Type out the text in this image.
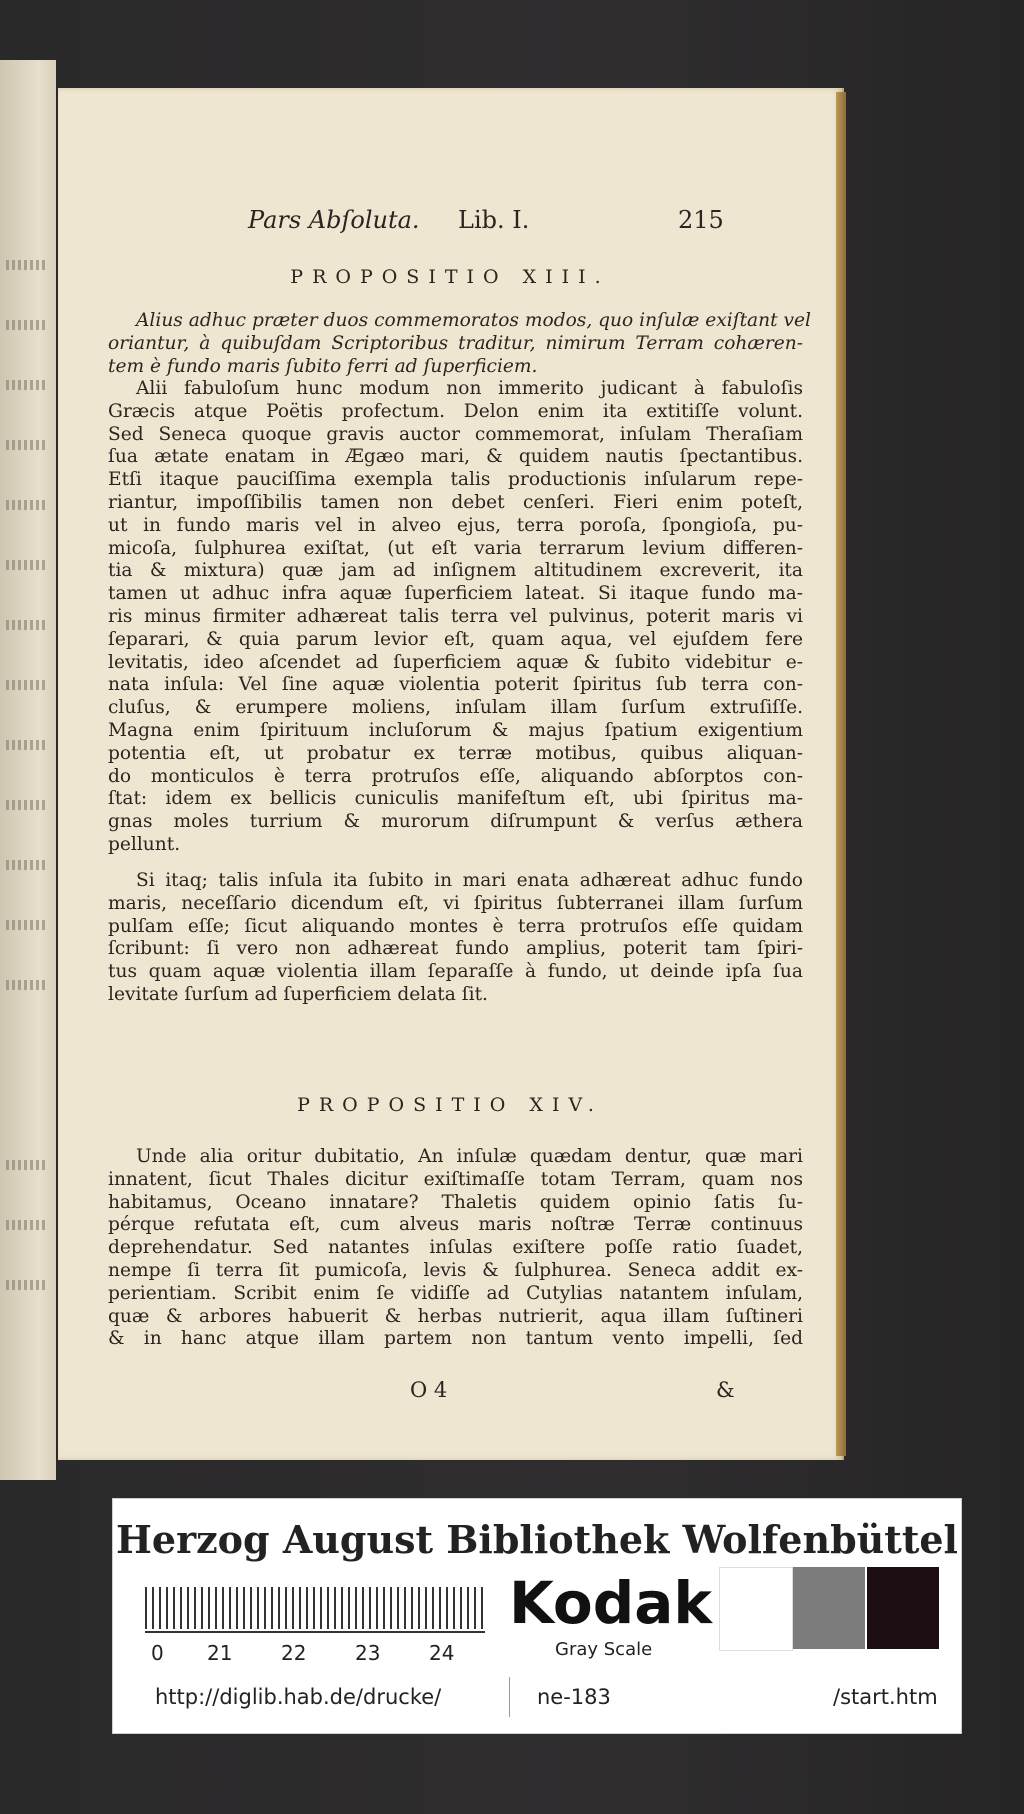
Pars Abſoluta. Lib. I.	215
PROPOSITIO XIII.
Alius adhuc præter duos commemoratos modos, quo inſulæ exiſtant vel
oriantur, à quibuſdam Scriptoribus traditur, nimirum Terram cohæren-
tem è fundo maris ſubito ferri ad ſuperficiem.
Alii fabuloſum hunc modum non immerito judicant à fabuloſis
Græcis atque Poëtis profectum. Delon enim ita extitiſſe volunt.
Sed Seneca quoque gravis auctor commemorat, inſulam Theraſiam
ſua ætate enatam in Ægæo mari, & quidem nautis ſpectantibus.
Etſi itaque pauciſſima exempla talis productionis inſularum repe-
riantur, impoſſibilis tamen non debet cenſeri. Fieri enim poteſt,
ut in fundo maris vel in alveo ejus, terra poroſa, ſpongioſa, pu-
micoſa, ſulphurea exiſtat, (ut eſt varia terrarum levium differen-
tia & mixtura) quæ jam ad inſignem altitudinem excreverit, ita
tamen ut adhuc infra aquæ ſuperficiem lateat. Si itaque fundo ma-
ris minus firmiter adhæreat talis terra vel pulvinus, poterit maris vi
ſeparari, & quia parum levior eſt, quam aqua, vel ejuſdem fere
levitatis, ideo aſcendet ad ſuperficiem aquæ & ſubito videbitur e-
nata inſula: Vel ſine aquæ violentia poterit ſpiritus ſub terra con-
cluſus, & erumpere moliens, inſulam illam ſurſum extruſiſſe.
Magna enim ſpirituum incluſorum & majus ſpatium exigentium
potentia eſt, ut probatur ex terræ motibus, quibus aliquan-
do monticulos è terra protruſos eſſe, aliquando abſorptos con-
ſtat: idem ex bellicis cuniculis manifeſtum eſt, ubi ſpiritus ma-
gnas moles turrium & murorum diſrumpunt & verſus æthera
pellunt.
Si itaq; talis inſula ita ſubito in mari enata adhæreat adhuc fundo
maris, neceſſario dicendum eſt, vi ſpiritus ſubterranei illam ſurſum
pulſam eſſe; ſicut aliquando montes è terra protruſos eſſe quidam
ſcribunt: ſi vero non adhæreat fundo amplius, poterit tam ſpiri-
tus quam aquæ violentia illam ſeparaſſe à fundo, ut deinde ipſa ſua
levitate ſurſum ad ſuperficiem delata ſit.
PROPOSITIO XIV.
Unde alia oritur dubitatio, An inſulæ quædam dentur, quæ mari
innatent, ſicut Thales dicitur exiſtimaſſe totam Terram, quam nos
habitamus, Oceano innatare? Thaletis quidem opinio ſatis ſu-
pérque refutata eſt, cum alveus maris noſtræ Terræ continuus
deprehendatur. Sed natantes inſulas exiſtere poſſe ratio ſuadet,
nempe ſi terra ſit pumicoſa, levis & ſulphurea. Seneca addit ex-
perientiam. Scribit enim ſe vidiſſe ad Cutylias natantem inſulam,
quæ & arbores habuerit & herbas nutrierit, aqua illam ſuſtineri
& in hanc atque illam partem non tantum vento impelli, ſed
O 4	&
Herzog August Bibliothek Wolfenbüttel
0 21 22 23 24
Kodak
Gray Scale
http://diglib.hab.de/drucke/	ne-183	/start.htm
